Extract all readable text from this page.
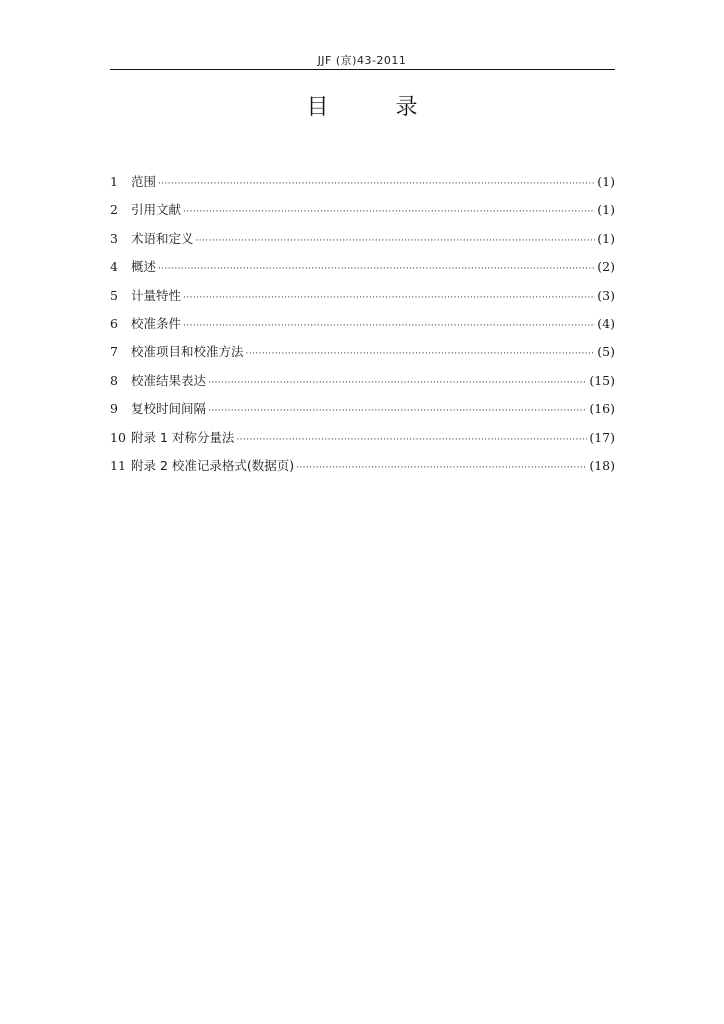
JJF (京)43-2011
目 录
1	范围 ·····	(1)
2	引用文献 ·····	(1)
3	术语和定义 ·····	(1)
4	概述 ·····	(2)
5	计量特性 ·····	(3)
6	校准条件 ·····	(4)
7	校准项目和校准方法 ·····	(5)
8	校准结果表达 ·····	(15)
9	复校时间间隔 ·····	(16)
10 附录 1 对称分量法 ·····	(17)
11 附录 2 校准记录格式(数据页) ·····	(18)
